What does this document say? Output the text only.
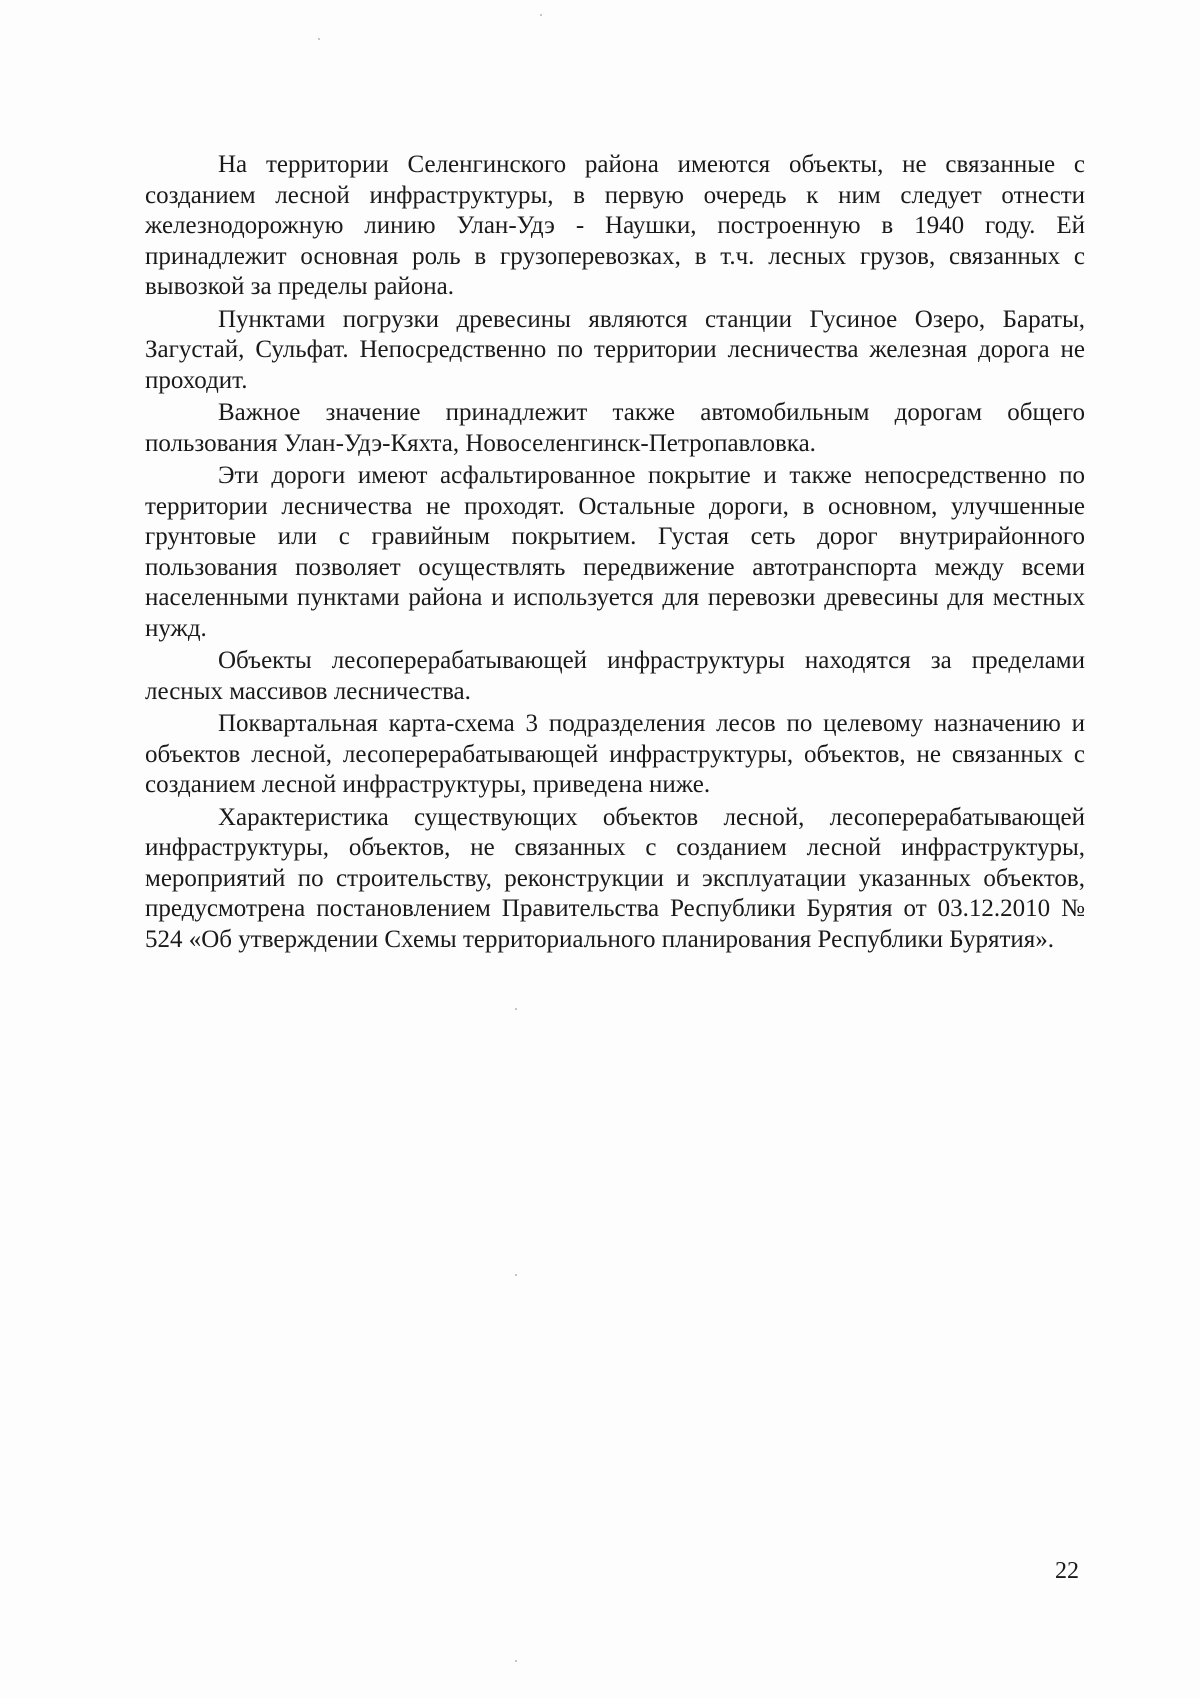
На территории Селенгинского района имеются объекты, не связанные с созданием лесной инфраструктуры, в первую очередь к ним следует отнести железнодорожную линию Улан-Удэ - Наушки, построенную в 1940 году. Ей принадлежит основная роль в грузоперевозках, в т.ч. лесных грузов, связанных с вывозкой за пределы района.

Пунктами погрузки древесины являются станции Гусиное Озеро, Бараты, Загустай, Сульфат. Непосредственно по территории лесничества железная дорога не проходит.

Важное значение принадлежит также автомобильным дорогам общего пользования Улан-Удэ-Кяхта, Новоселенгинск-Петропавловка.

Эти дороги имеют асфальтированное покрытие и также непосредственно по территории лесничества не проходят. Остальные дороги, в основном, улучшенные грунтовые или с гравийным покрытием. Густая сеть дорог внутрирайонного пользования позволяет осуществлять передвижение автотранспорта между всеми населенными пунктами района и используется для перевозки древесины для местных нужд.

Объекты лесоперерабатывающей инфраструктуры находятся за пределами лесных массивов лесничества.

Поквартальная карта-схема 3 подразделения лесов по целевому назначению и объектов лесной, лесоперерабатывающей инфраструктуры, объектов, не связанных с созданием лесной инфраструктуры, приведена ниже.

Характеристика существующих объектов лесной, лесоперерабатывающей инфраструктуры, объектов, не связанных с созданием лесной инфраструктуры, мероприятий по строительству, реконструкции и эксплуатации указанных объектов, предусмотрена постановлением Правительства Республики Бурятия от 03.12.2010 № 524 «Об утверждении Схемы территориального планирования Республики Бурятия».

22
